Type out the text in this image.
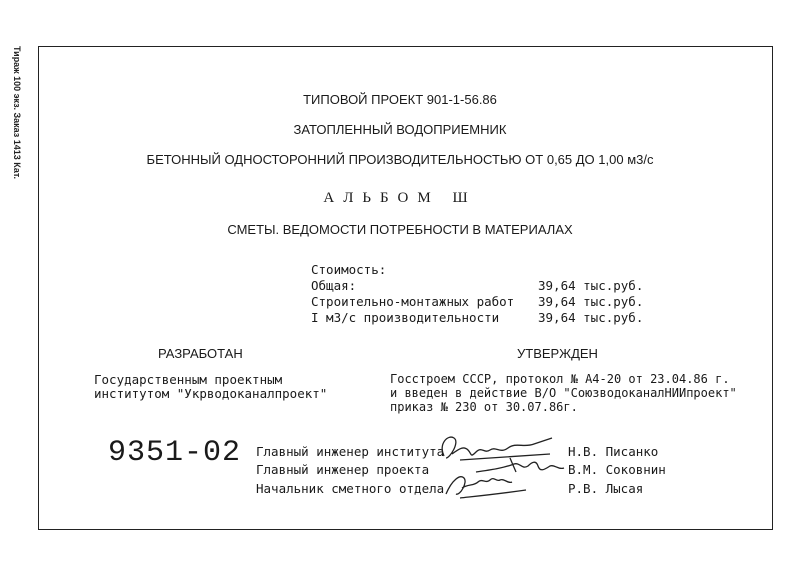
Тираж 100 экз. Заказ 1413 Кат.	ТИПОВОЙ ПРОЕКТ 901-1-56.86
ЗАТОПЛЕННЫЙ ВОДОПРИЕМНИК
БЕТОННЫЙ ОДНОСТОРОННИЙ ПРОИЗВОДИТЕЛЬНОСТЬЮ ОТ 0,65 ДО 1,00 м3/с
АЛЬБОМ Ш
СМЕТЫ. ВЕДОМОСТИ ПОТРЕБНОСТИ В МАТЕРИАЛАХ
Стоимость:
Общая:	39,64 тыс.руб.
Строительно-монтажных работ 39,64 тыс.руб.
I м3/с производительности	39,64 тыс.руб.
РАЗРАБОТАН
Государственным проектным
институтом "Укрводоканалпроект"
УТВЕРЖДЕН
Госстроем СССР, протокол № А4-20 от 23.04.86 г.
и введен в действие В/О "СоюзводоканалНИИпроект"
приказ № 230 от 30.07.86г.
9351-02 Главный инженер института	Н.В. Писанко
Главный инженер проекта	В.М. Соковнин
Начальник сметного отдела	Р.В. Лысая
